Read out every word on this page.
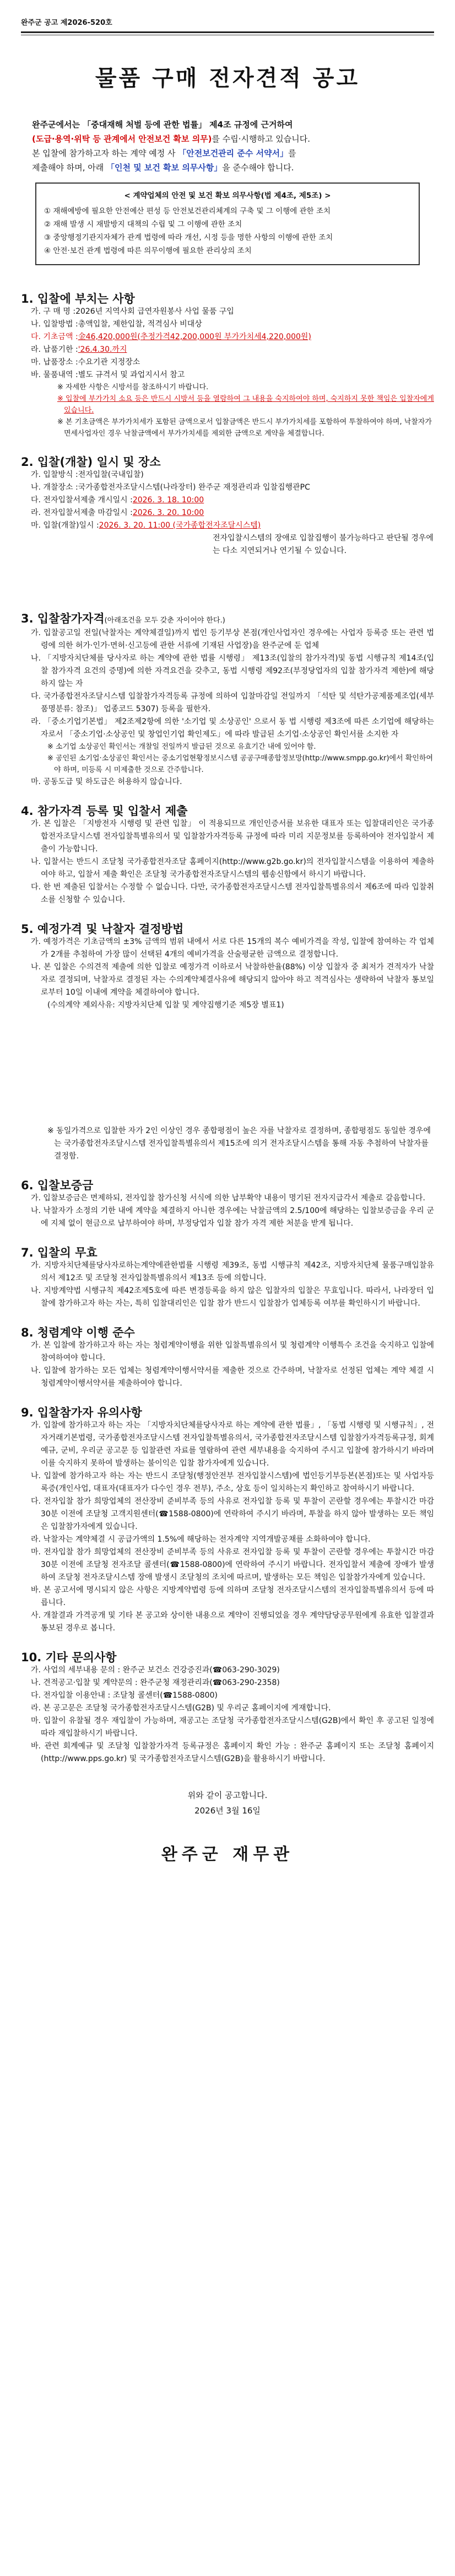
완주군 공고 제2026-520호
물품 구매 전자견적 공고
완주군에서는 「중대재해 처벌 등에 관한 법률」 제4조 규정에 근거하여
(도급·용역·위탁 등 관계에서 안전보건 확보 의무)를 수립·시행하고 있습니다.
본 입찰에 참가하고자 하는 계약 예정 사 「안전보건관리 준수 서약서」를
제출해야 하며, 아래 「인천 및 보건 확보 의무사항」을 준수해야 합니다.
< 계약업체의 안전 및 보건 확보 의무사항(법 제4조, 제5조) >
① 재해예방에 필요한 안전예산 편성 등 안전보건관리체계의 구축 및 그 이행에 관한 조치
② 재해 발생 시 재발방지 대책의 수립 및 그 이행에 관한 조치
③ 중앙행정기관지자체가 관계 법령에 따라 개선, 시정 등을 명한 사항의 이행에 관한 조치
④ 안전·보건 관계 법령에 따른 의무이행에 필요한 관리상의 조치
1. 입찰에 부치는 사항
가. 구 매 명 : 2026년 지역사회 급연자원봉사 사업 물품 구입
나. 입찰방법 : 총액입찰, 제한입찰, 적격심사 비대상
다. 기초금액 : 金46,420,000원(추정가격42,200,000원 부가가치세4,220,000원)
라. 납품기한 : '26.4.30.까지
마. 납품장소 : 수요기관 지정장소
바. 물품내역 : 별도 규격서 및 과업지시서 참고
※ 자세한 사항은 시방서를 참조하시기 바랍니다.
※ 입찰에 부가가치 소요 등은 반드시 시방서 등을 열람하여 그 내용을 숙지하여야 하며, 숙지하지 못한 책임은 입찰자에게 있습니다.
※ 본 기초금액은 부가가치세가 포함된 금액으로서 입찰금액은 반드시 부가가치세를 포함하여 투찰하여야 하며, 낙찰자가 면세사업자인 경우 낙찰금액에서 부가가치세를 제외한 금액으로 계약을 체결합니다.
2. 입찰(개찰) 일시 및 장소
가. 입찰방식 : 전자입찰(국내입찰)
나. 개찰장소 : 국가종합전자조달시스템(나라장터) 완주군 재정관리과 입찰집행관PC
다. 전자입찰서제출 개시일시 : 2026. 3. 18. 10:00
라. 전자입찰서제출 마감일시 : 2026. 3. 20. 10:00
마. 입찰(개찰)일시 : 2026. 3. 20. 11:00 (국가종합전자조달시스템)
전자입찰시스템의 장애로 입찰집행이 불가능하다고 판단될 경우에는 다소 지연되거나 연기될 수 있습니다.
3. 입찰참가자격(아래조건을 모두 갖춘 자이어야 한다.)
가. 입찰공고일 전일(낙찰자는 계약체결일)까지 법인 등기부상 본점(개인사업자인 경우에는 사업자 등록증 또는 관련 법령에 의한 허가·인가·면허·신고등에 관한 서류에 기재된 사업장)을 완주군에 둔 업체
나. 「지방자치단체를 당사자로 하는 계약에 관한 법률 시행령」 제13조(입찰의 참가자격)및 동법 시행규칙 제14조(입찰 참가자격 요건의 증명)에 의한 자격요건을 갖추고, 동법 시행령 제92조(부정당업자의 입찰 참가자격 제한)에 해당하지 않는 자
다. 국가종합전자조달시스템 입찰참가자격등록 규정에 의하여 입찰마감일 전일까지 「석탄 및 석탄가공제품제조업(세부품명분류: 참조)」 업종코드 5307) 등록을 필한자.
라. 「중소기업기본법」 제2조제2항에 의한 '소기업 및 소상공인' 으로서 동 법 시행령 제3조에 따른 소기업에 해당하는 자로서 「중소기업·소상공인 및 창업인기업 확인제도」에 따라 발급된 소기업·소상공인 확인서를 소지한 자
※ 소기업 소상공인 확인서는 개찰일 전일까지 발급된 것으로 유효기간 내에 있어야 함.
※ 공인된 소기업·소상공인 확인서는 중소기업현황정보시스템 공공구매종합정보망(http://www.smpp.go.kr)에서 확인하여야 하며, 미등록 시 미제출한 것으로 간주합니다.
마. 공동도급 및 하도급은 허용하지 않습니다.
4. 참가자격 등록 및 입찰서 제출
가. 본 입찰은 「지방전자 시행령 및 관련 입찰」 이 적용되므로 개인인증서를 보유한 대표자 또는 입찰대리인은 국가종합전자조달시스템 전자입찰특별유의서 및 입찰참가자격등록 규정에 따라 미리 지문정보를 등록하여야 전자입찰서 제출이 가능합니다.
나. 입찰서는 반드시 조달청 국가종합전자조달 홈페이지(http://www.g2b.go.kr)의 전자입찰시스템을 이용하여 제출하여야 하고, 입찰서 제출 확인은 조달청 국가종합전자조달시스템의 웹송신함에서 하시기 바랍니다.
다. 한 번 제출된 입찰서는 수정할 수 없습니다. 다만, 국가종합전자조달시스템 전자입찰특별유의서 제6조에 따라 입찰취소를 신청할 수 있습니다.
5. 예정가격 및 낙찰자 결정방법
가. 예정가격은 기초금액의 ±3% 금액의 범위 내에서 서로 다른 15개의 복수 예비가격을 작성, 입찰에 참여하는 각 업체가 2개를 추첨하여 가장 많이 선택된 4개의 예비가격을 산술평균한 금액으로 결정합니다.
나. 본 입찰은 수의견적 제출에 의한 입찰로 예정가격 이하로서 낙찰하한율(88%) 이상 입찰자 중 최저가 견적자가 낙찰자로 결정되며, 낙찰자로 결정된 자는 수의계약체결사유에 해당되지 않아야 하고 적격심사는 생략하여 낙찰자 통보일로부터 10일 이내에 계약을 체결하여야 합니다.
(수의계약 제외사유: 지방자치단체 입찰 및 계약집행기준 제5장 별표1)
※ 동일가격으로 입찰한 자가 2인 이상인 경우 종합평점이 높은 자를 낙찰자로 결정하며, 종합평점도 동일한 경우에는 국가종합전자조달시스템 전자입찰특별유의서 제15조에 의거 전자조달시스템을 통해 자동 추첨하여 낙찰자를 결정함.
6. 입찰보증금
가. 입찰보증금은 면제하되, 전자입찰 참가신청 서식에 의한 납부확약 내용이 명기된 전자지급각서 제출로 갈음합니다.
나. 낙찰자가 소정의 기한 내에 계약을 체결하지 아니한 경우에는 낙찰금액의 2.5/100에 해당하는 입찰보증금을 우리 군에 지체 없이 현금으로 납부하여야 하며, 부정당업자 입찰 참가 자격 제한 처분을 받게 됩니다.
7. 입찰의 무효
가. 지방자치단체를당사자로하는계약에관한법률 시행령 제39조, 동법 시행규칙 제42조, 지방자치단체 물품구매입찰유의서 제12조 및 조달청 전자입찰특별유의서 제13조 등에 의합니다.
나. 지방계약법 시행규칙 제42조제5호에 따른 변경등록을 하지 않은 입찰자의 입찰은 무효입니다. 따라서, 나라장터 입찰에 참가하고자 하는 자는, 특히 입찰대리인은 입찰 참가 반드시 입찰참가 업체등록 여부를 확인하시기 바랍니다.
8. 청렴계약 이행 준수
가. 본 입찰에 참가하고자 하는 자는 청렴계약이행을 위한 입찰특별유의서 및 청렴계약 이행특수 조건을 숙지하고 입찰에 참여하여야 합니다.
나. 입찰에 참가하는 모든 업체는 청렴계약이행서약서를 제출한 것으로 간주하며, 낙찰자로 선정된 업체는 계약 체결 시 청렴계약이행서약서를 제출하여야 합니다.
9. 입찰참가자 유의사항
가. 입찰에 참가하고자 하는 자는 「지방자치단체를당사자로 하는 계약에 관한 법률」, 「동법 시행령 및 시행규칙」, 전자거래기본법령, 국가종합전자조달시스템 전자입찰특별유의서, 국가종합전자조달시스템 입찰참가자격등록규정, 회계예규, 군비, 우리군 공고문 등 입찰관련 자료를 열람하여 관련 세부내용을 숙지하여 주시고 입찰에 참가하시기 바라며 이를 숙지하지 못하여 발생하는 불이익은 입찰 참가자에게 있습니다.
나. 입찰에 참가하고자 하는 자는 반드시 조달청(행정안전부 전자입찰시스템)에 법인등기부등본(본점)또는 및 사업자등록증(개인사업, 대표자(대표자가 다수인 경우 전부), 주소, 상호 등이 일치하는지 확인하고 참여하시기 바랍니다.
다. 전자입찰 참가 희망업체의 전산장비 준비부족 등의 사유로 전자입찰 등록 및 투찰이 곤란할 경우에는 투찰시간 마감 30분 이전에 조달청 고객지원센터(☎1588-0800)에 연락하여 주시기 바라며, 투찰을 하지 않아 발생하는 모든 책임은 입찰참가자에게 있습니다.
라. 낙찰자는 계약체결 시 공급가액의 1.5%에 해당하는 전자계약 지역개발공채를 소화하여야 합니다.
마. 전자입찰 참가 희망업체의 전산장비 준비부족 등의 사유로 전자입찰 등록 및 투찰이 곤란할 경우에는 투찰시간 마감 30분 이전에 조달청 전자조달 콜센터(☎1588-0800)에 연락하여 주시기 바랍니다. 전자입찰서 제출에 장애가 발생하여 조달청 전자조달시스템 장애 발생시 조달청의 조치에 따르며, 발생하는 모든 책임은 입찰참가자에게 있습니다.
바. 본 공고서에 명시되지 않은 사항은 지방계약법령 등에 의하며 조달청 전자조달시스템의 전자입찰특별유의서 등에 따릅니다.
사. 개찰결과 가격공개 및 기타 본 공고와 상이한 내용으로 계약이 진행되었을 경우 계약담당공무원에게 유효한 입찰결과 통보된 경우로 봅니다.
10. 기타 문의사항
가. 사업의 세부내용 문의 : 완주군 보건소 건강증진과(☎063-290-3029)
나. 견적공고·입찰 및 계약문의 : 완주군청 재정관리과(☎063-290-2358)
다. 전자입찰 이용안내 : 조달청 콜센터(☎1588-0800)
라. 본 공고문은 조달청 국가종합전자조달시스템(G2B) 및 우리군 홈페이지에 게재합니다.
마. 입찰이 유찰될 경우 재입찰이 가능하며, 재공고는 조달청 국가종합전자조달시스템(G2B)에서 확인 후 공고된 일정에 따라 재입찰하시기 바랍니다.
바. 관련 회계예규 및 조달청 입찰참가자격 등록규정은 홈페이지 확인 가능 : 완주군 홈페이지 또는 조달청 홈페이지(http://www.pps.go.kr) 및 국가종합전자조달시스템(G2B)을 활용하시기 바랍니다.
위와 같이 공고합니다.
2026년 3월 16일
완주군 재무관
